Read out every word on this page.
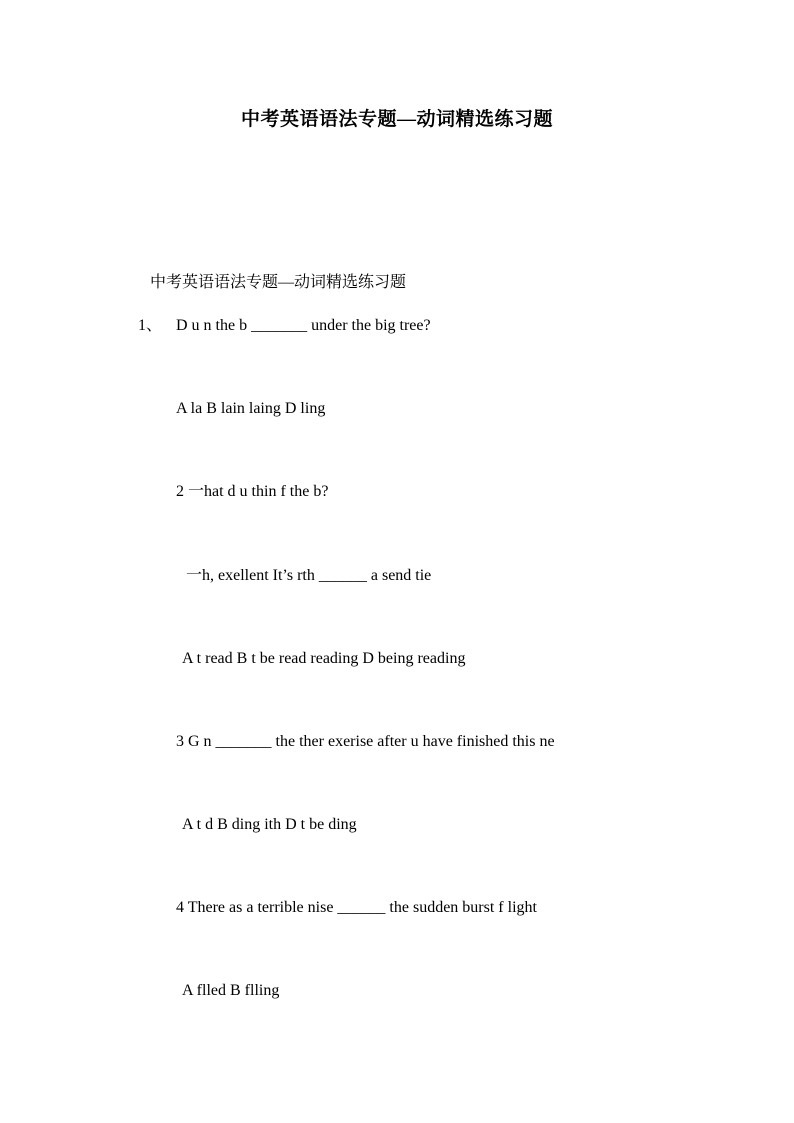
中考英语语法专题—动词精选练习题
中考英语语法专题—动词精选练习题
1、 D u n the b _______ under the big tree?
A la B lain laing D ling
2 一hat d u thin f the b?
一h, exellent It’s rth ______ a send tie
A t read B t be read reading D being reading
3 G n _______ the ther exerise after u have finished this ne
A t d B ding ith D t be ding
4 There as a terrible nise ______ the sudden burst f light
A flled B flling
